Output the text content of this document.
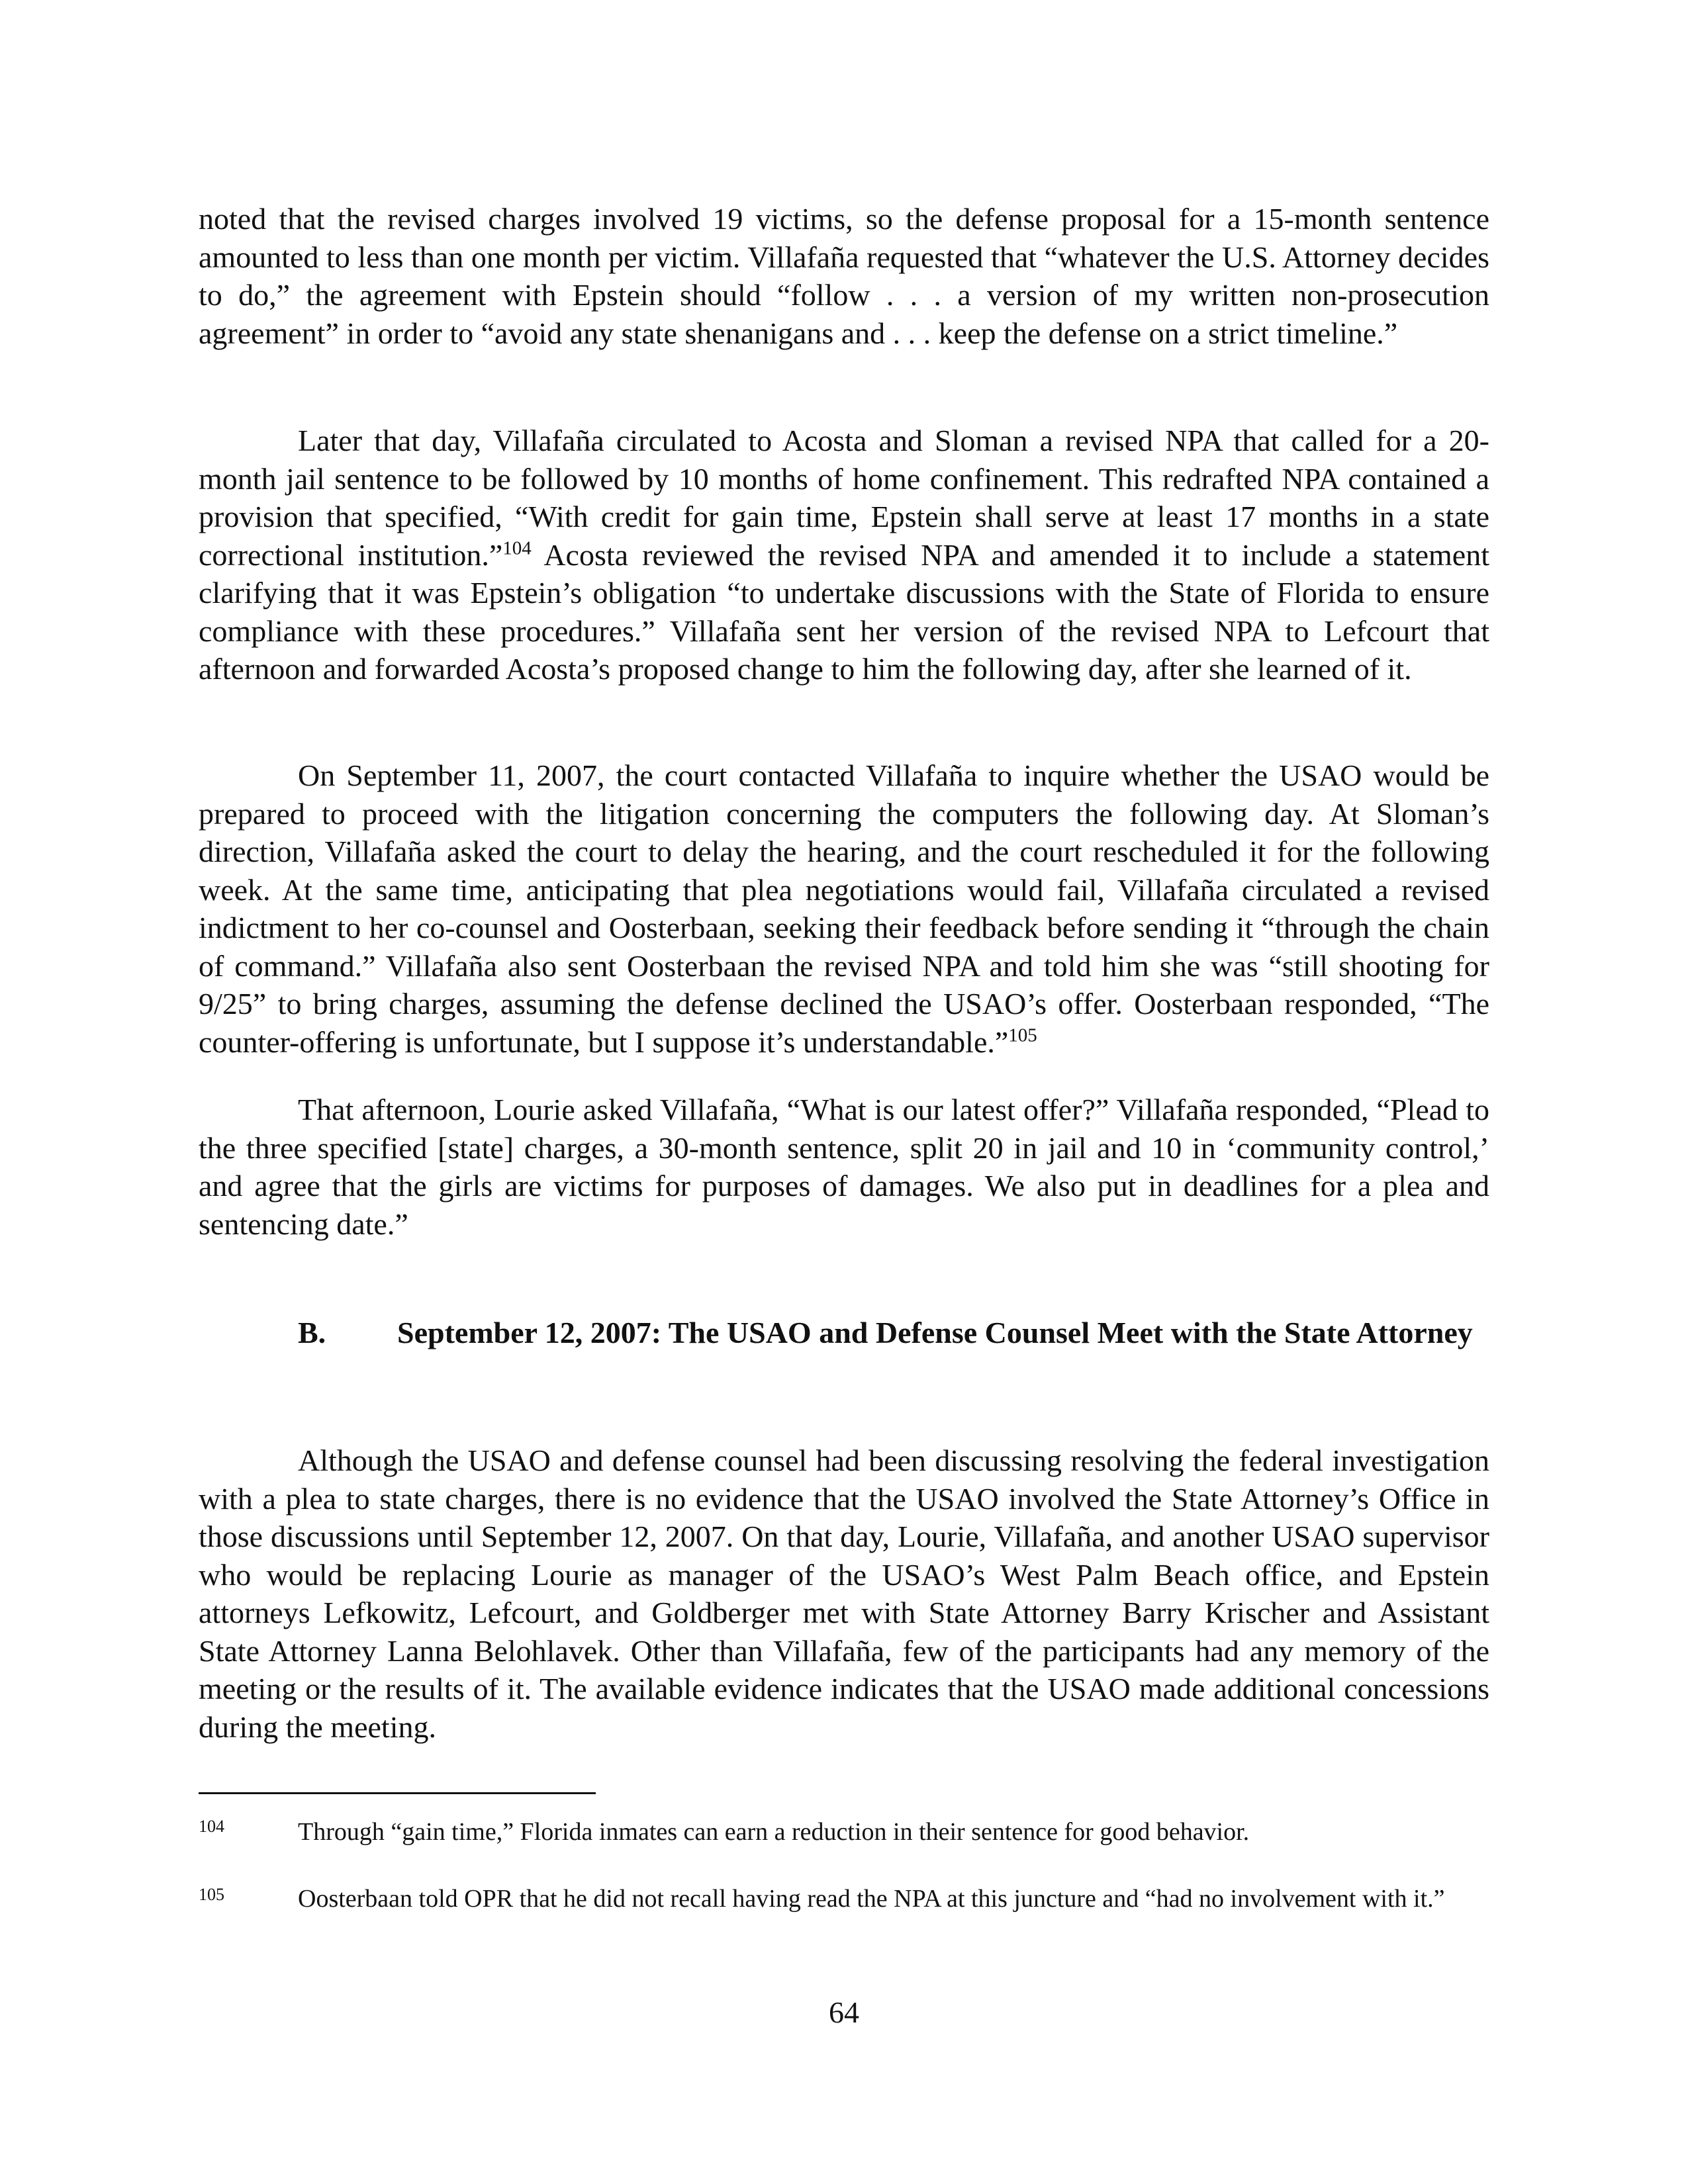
noted that the revised charges involved 19 victims, so the defense proposal for a 15-month sentence amounted to less than one month per victim. Villafaña requested that “whatever the U.S. Attorney decides to do,” the agreement with Epstein should “follow . . . a version of my written non-prosecution agreement” in order to “avoid any state shenanigans and . . . keep the defense on a strict timeline.”

Later that day, Villafaña circulated to Acosta and Sloman a revised NPA that called for a 20-month jail sentence to be followed by 10 months of home confinement. This redrafted NPA contained a provision that specified, “With credit for gain time, Epstein shall serve at least 17 months in a state correctional institution.”$^{104}$ Acosta reviewed the revised NPA and amended it to include a statement clarifying that it was Epstein’s obligation “to undertake discussions with the State of Florida to ensure compliance with these procedures.” Villafaña sent her version of the revised NPA to Lefcourt that afternoon and forwarded Acosta’s proposed change to him the following day, after she learned of it.

On September 11, 2007, the court contacted Villafaña to inquire whether the USAO would be prepared to proceed with the litigation concerning the computers the following day. At Sloman’s direction, Villafaña asked the court to delay the hearing, and the court rescheduled it for the following week. At the same time, anticipating that plea negotiations would fail, Villafaña circulated a revised indictment to her co-counsel and Oosterbaan, seeking their feedback before sending it “through the chain of command.” Villafaña also sent Oosterbaan the revised NPA and told him she was “still shooting for 9/25” to bring charges, assuming the defense declined the USAO’s offer. Oosterbaan responded, “The counter-offering is unfortunate, but I suppose it’s understandable.”$^{105}$

That afternoon, Lourie asked Villafaña, “What is our latest offer?” Villafaña responded, “Plead to the three specified [state] charges, a 30-month sentence, split 20 in jail and 10 in ‘community control,’ and agree that the girls are victims for purposes of damages. We also put in deadlines for a plea and sentencing date.”

B. September 12, 2007: The USAO and Defense Counsel Meet with the State Attorney

Although the USAO and defense counsel had been discussing resolving the federal investigation with a plea to state charges, there is no evidence that the USAO involved the State Attorney’s Office in those discussions until September 12, 2007. On that day, Lourie, Villafaña, and another USAO supervisor who would be replacing Lourie as manager of the USAO’s West Palm Beach office, and Epstein attorneys Lefkowitz, Lefcourt, and Goldberger met with State Attorney Barry Krischer and Assistant State Attorney Lanna Belohlavek. Other than Villafaña, few of the participants had any memory of the meeting or the results of it. The available evidence indicates that the USAO made additional concessions during the meeting.

104	Through “gain time,” Florida inmates can earn a reduction in their sentence for good behavior.

105	Oosterbaan told OPR that he did not recall having read the NPA at this juncture and “had no involvement with it.”

64
